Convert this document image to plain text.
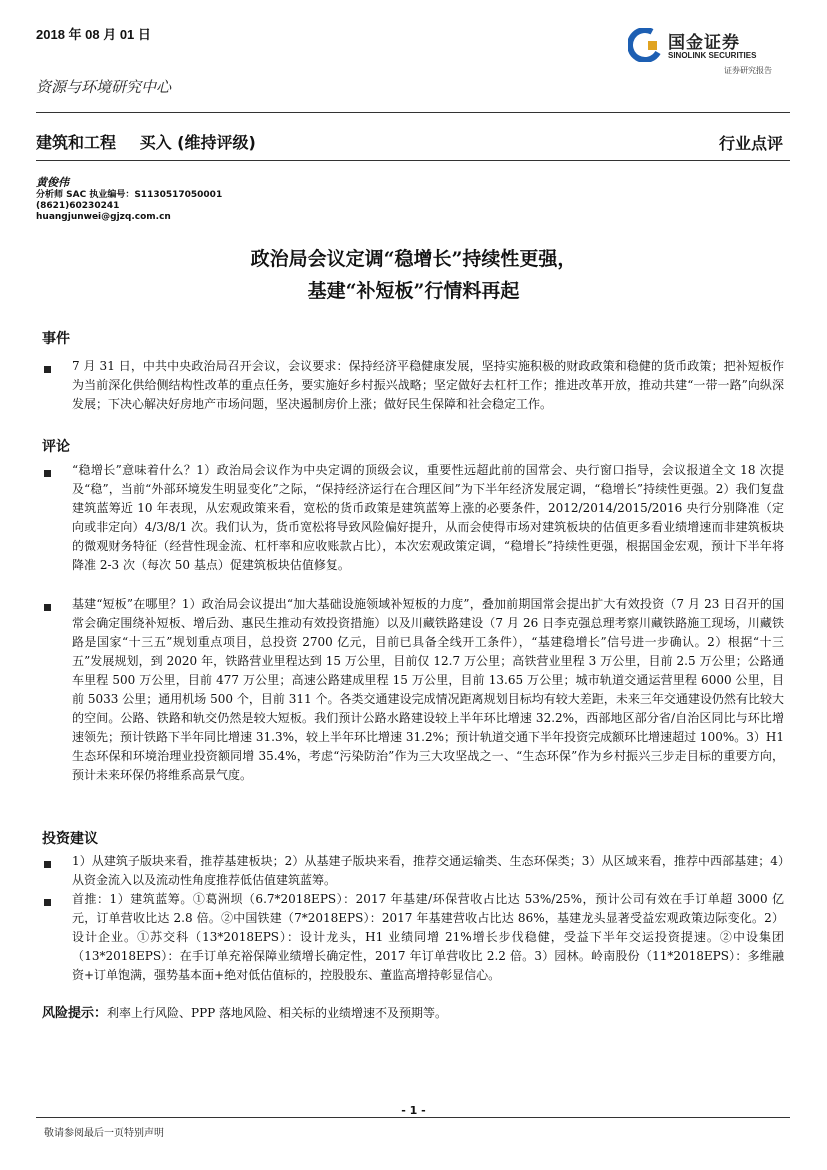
2018 年 08 月 01 日	国金证券
SINOLINK SECURITIES
证券研究报告
资源与环境研究中心
建筑和工程 买入 (维持评级)	行业点评
黄俊伟
分析师 SAC 执业编号：S1130517050001
(8621)60230241
huangjunwei@gjzq.com.cn
政治局会议定调“稳增长”持续性更强，
基建“补短板”行情料再起
事件
7 月 31 日，中共中央政治局召开会议，会议要求：保持经济平稳健康发展，坚持实施积极的财政政策和稳健的货币政策；把补短板作为当前深化供给侧结构性改革的重点任务，要实施好乡村振兴战略；坚定做好去杠杆工作；推进改革开放，推动共建“一带一路”向纵深发展；下决心解决好房地产市场问题，坚决遏制房价上涨；做好民生保障和社会稳定工作。
评论
“稳增长”意味着什么？1）政治局会议作为中央定调的顶级会议，重要性远超此前的国常会、央行窗口指导，会议报道全文 18 次提及“稳”，当前“外部环境发生明显变化”之际，“保持经济运行在合理区间”为下半年经济发展定调，“稳增长”持续性更强。2）我们复盘建筑蓝筹近 10 年表现，从宏观政策来看，宽松的货币政策是建筑蓝筹上涨的必要条件，2012/2014/2015/2016 央行分别降准（定向或非定向）4/3/8/1 次。我们认为，货币宽松将导致风险偏好提升，从而会使得市场对建筑板块的估值更多看业绩增速而非建筑板块的微观财务特征（经营性现金流、杠杆率和应收账款占比），本次宏观政策定调，“稳增长”持续性更强，根据国金宏观，预计下半年将降准 2-3 次（每次 50 基点）促建筑板块估值修复。
基建“短板”在哪里？1）政治局会议提出“加大基础设施领域补短板的力度”，叠加前期国常会提出扩大有效投资（7 月 23 日召开的国常会确定围绕补短板、增后劲、惠民生推动有效投资措施）以及川藏铁路建设（7 月 26 日李克强总理考察川藏铁路施工现场，川藏铁路是国家“十三五”规划重点项目，总投资 2700 亿元，目前已具备全线开工条件），“基建稳增长”信号进一步确认。2）根据“十三五”发展规划，到 2020 年，铁路营业里程达到 15 万公里，目前仅 12.7 万公里；高铁营业里程 3 万公里，目前 2.5 万公里；公路通车里程 500 万公里，目前 477 万公里；高速公路建成里程 15 万公里，目前 13.65 万公里；城市轨道交通运营里程 6000 公里，目前 5033 公里；通用机场 500 个，目前 311 个。各类交通建设完成情况距离规划目标均有较大差距，未来三年交通建设仍然有比较大的空间。公路、铁路和轨交仍然是较大短板。我们预计公路水路建设较上半年环比增速 32.2%，西部地区部分省/自治区同比与环比增速领先；预计铁路下半年同比增速 31.3%，较上半年环比增速 31.2%；预计轨道交通下半年投资完成额环比增速超过 100%。3）H1 生态环保和环境治理业投资额同增 35.4%，考虑“污染防治”作为三大攻坚战之一、“生态环保”作为乡村振兴三步走目标的重要方向，预计未来环保仍将维系高景气度。
投资建议
1）从建筑子版块来看，推荐基建板块；2）从基建子版块来看，推荐交通运输类、生态环保类；3）从区域来看，推荐中西部基建；4）从资金流入以及流动性角度推荐低估值建筑蓝筹。
首推：1）建筑蓝筹。①葛洲坝（6.7*2018EPS）：2017 年基建/环保营收占比达 53%/25%，预计公司有效在手订单超 3000 亿元，订单营收比达 2.8 倍。②中国铁建（7*2018EPS）：2017 年基建营收占比达 86%，基建龙头显著受益宏观政策边际变化。2）设计企业。①苏交科（13*2018EPS）：设计龙头，H1 业绩同增 21%增长步伐稳健，受益下半年交运投资提速。②中设集团（13*2018EPS）：在手订单充裕保障业绩增长确定性，2017 年订单营收比 2.2 倍。3）园林。岭南股份（11*2018EPS）：多维融资+订单饱满，强势基本面+绝对低估值标的，控股股东、董监高增持彰显信心。
风险提示：利率上行风险、PPP 落地风险、相关标的业绩增速不及预期等。
- 1 -
敬请参阅最后一页特别声明
